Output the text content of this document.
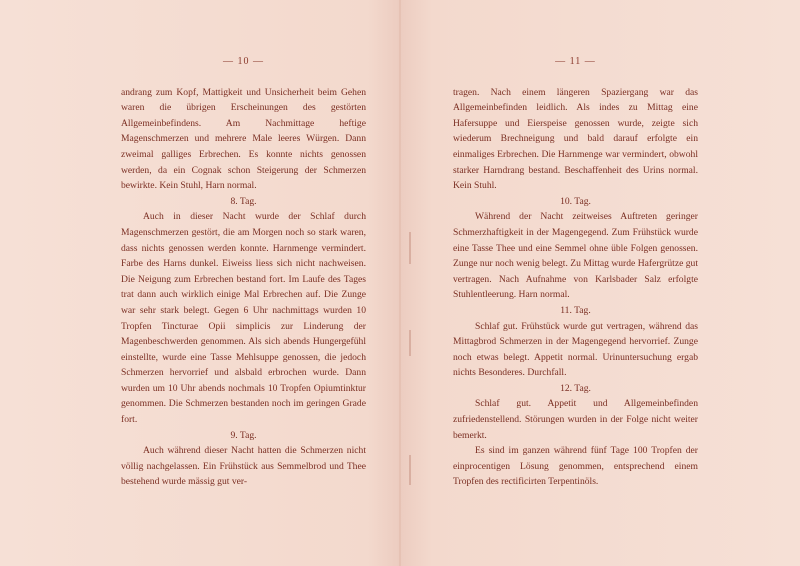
— 10 —

andrang zum Kopf, Mattigkeit und Unsicherheit beim Gehen waren die übrigen Erscheinungen des gestörten Allgemeinbefindens. Am Nachmittage heftige Magenschmerzen und mehrere Male leeres Würgen. Dann zweimal galliges Erbrechen. Es konnte nichts genossen werden, da ein Cognak schon Steigerung der Schmerzen bewirkte. Kein Stuhl, Harn normal.

8. Tag.

Auch in dieser Nacht wurde der Schlaf durch Magenschmerzen gestört, die am Morgen noch so stark waren, dass nichts genossen werden konnte. Harnmenge vermindert. Farbe des Harns dunkel. Eiweiss liess sich nicht nachweisen. Die Neigung zum Erbrechen bestand fort. Im Laufe des Tages trat dann auch wirklich einige Mal Erbrechen auf. Die Zunge war sehr stark belegt. Gegen 6 Uhr nachmittags wurden 10 Tropfen Tincturae Opii simplicis zur Linderung der Magenbeschwerden genommen. Als sich abends Hungergefühl einstellte, wurde eine Tasse Mehlsuppe genossen, die jedoch Schmerzen hervorrief und alsbald erbrochen wurde. Dann wurden um 10 Uhr abends nochmals 10 Tropfen Opiumtinktur genommen. Die Schmerzen bestanden noch im geringen Grade fort.

9. Tag.

Auch während dieser Nacht hatten die Schmerzen nicht völlig nachgelassen. Ein Frühstück aus Semmelbrod und Thee bestehend wurde mässig gut ver-

— 11 —

tragen. Nach einem längeren Spaziergang war das Allgemeinbefinden leidlich. Als indes zu Mittag eine Hafersuppe und Eierspeise genossen wurde, zeigte sich wiederum Brechneigung und bald darauf erfolgte ein einmaliges Erbrechen. Die Harnmenge war vermindert, obwohl starker Harndrang bestand. Beschaffenheit des Urins normal. Kein Stuhl.

10. Tag.

Während der Nacht zeitweises Auftreten geringer Schmerzhaftigkeit in der Magengegend. Zum Frühstück wurde eine Tasse Thee und eine Semmel ohne üble Folgen genossen. Zunge nur noch wenig belegt. Zu Mittag wurde Hafergrütze gut vertragen. Nach Aufnahme von Karlsbader Salz erfolgte Stuhlentleerung. Harn normal.

11. Tag.

Schlaf gut. Frühstück wurde gut vertragen, während das Mittagbrod Schmerzen in der Magengegend hervorrief. Zunge noch etwas belegt. Appetit normal. Urinuntersuchung ergab nichts Besonderes. Durchfall.

12. Tag.

Schlaf gut. Appetit und Allgemeinbefinden zufriedenstellend. Störungen wurden in der Folge nicht weiter bemerkt.

Es sind im ganzen während fünf Tage 100 Tropfen der einprocentigen Lösung genommen, entsprechend einem Tropfen des rectificirten Terpentinöls.
